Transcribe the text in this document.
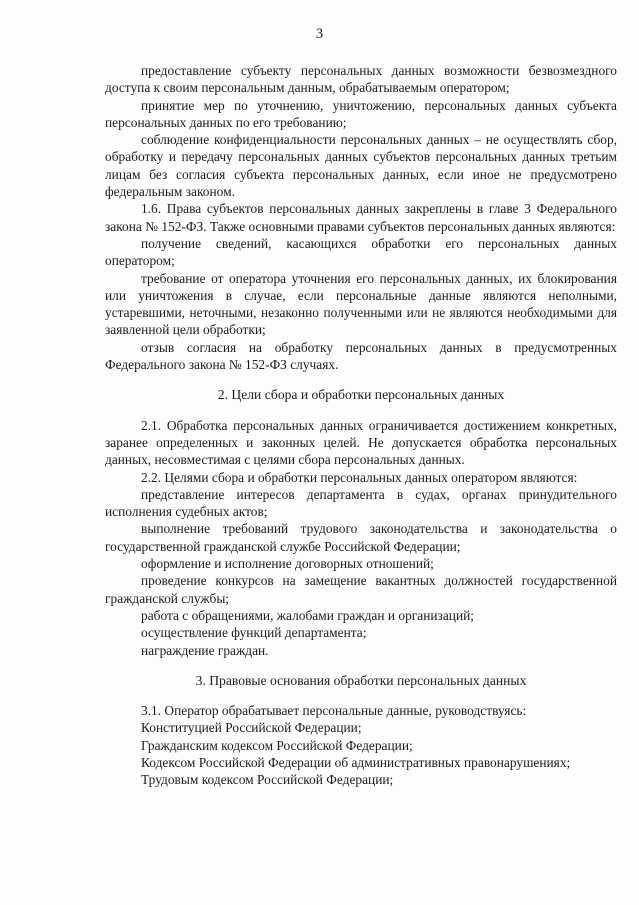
3

предоставление субъекту персональных данных возможности безвозмездного доступа к своим персональным данным, обрабатываемым оператором;

принятие мер по уточнению, уничтожению, персональных данных субъекта персональных данных по его требованию;

соблюдение конфиденциальности персональных данных – не осуществлять сбор, обработку и передачу персональных данных субъектов персональных данных третьим лицам без согласия субъекта персональных данных, если иное не предусмотрено федеральным законом.

1.6. Права субъектов персональных данных закреплены в главе 3 Федерального закона № 152-ФЗ. Также основными правами субъектов персональных данных являются:

получение сведений, касающихся обработки его персональных данных оператором;

требование от оператора уточнения его персональных данных, их блокирования или уничтожения в случае, если персональные данные являются неполными, устаревшими, неточными, незаконно полученными или не являются необходимыми для заявленной цели обработки;

отзыв согласия на обработку персональных данных в предусмотренных Федерального закона № 152-ФЗ случаях.

2. Цели сбора и обработки персональных данных

2.1. Обработка персональных данных ограничивается достижением конкретных, заранее определенных и законных целей. Не допускается обработка персональных данных, несовместимая с целями сбора персональных данных.

2.2. Целями сбора и обработки персональных данных оператором являются:

представление интересов департамента в судах, органах принудительного исполнения судебных актов;

выполнение требований трудового законодательства и законодательства о государственной гражданской службе Российской Федерации;

оформление и исполнение договорных отношений;

проведение конкурсов на замещение вакантных должностей государственной гражданской службы;

работа с обращениями, жалобами граждан и организаций;

осуществление функций департамента;

награждение граждан.

3. Правовые основания обработки персональных данных

3.1. Оператор обрабатывает персональные данные, руководствуясь:

Конституцией Российской Федерации;

Гражданским кодексом Российской Федерации;

Кодексом Российской Федерации об административных правонарушениях;

Трудовым кодексом Российской Федерации;
